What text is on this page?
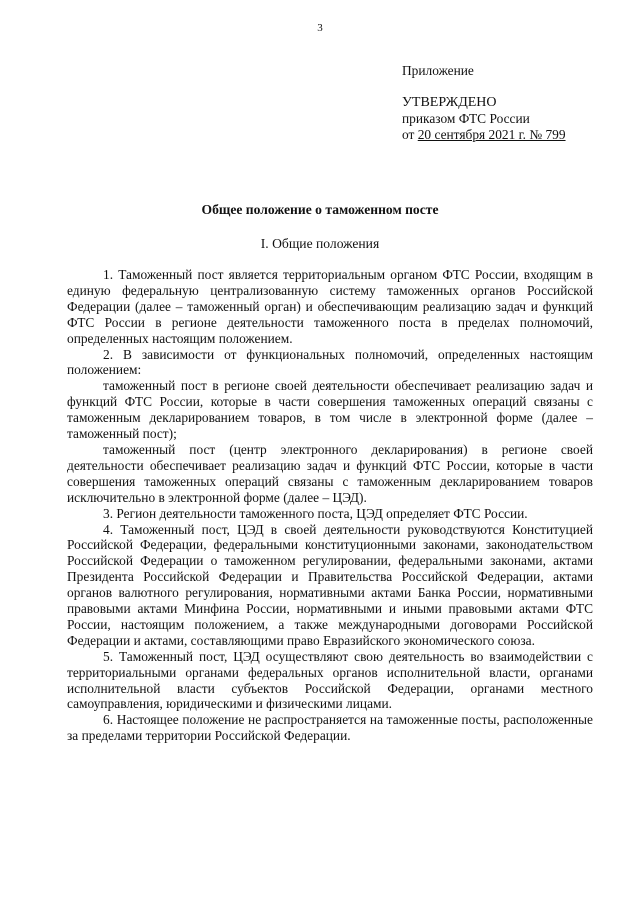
3
Приложение
УТВЕРЖДЕНО
приказом ФТС России
от 20 сентября 2021 г. № 799
Общее положение о таможенном посте
I. Общие положения

1. Таможенный пост является территориальным органом ФТС России, входящим в единую федеральную централизованную систему таможенных органов Российской Федерации (далее – таможенный орган) и обеспечивающим реализацию задач и функций ФТС России в регионе деятельности таможенного поста в пределах полномочий, определенных настоящим положением.

2. В зависимости от функциональных полномочий, определенных настоящим положением:

таможенный пост в регионе своей деятельности обеспечивает реализацию задач и функций ФТС России, которые в части совершения таможенных операций связаны с таможенным декларированием товаров, в том числе в электронной форме (далее – таможенный пост);

таможенный пост (центр электронного декларирования) в регионе своей деятельности обеспечивает реализацию задач и функций ФТС России, которые в части совершения таможенных операций связаны с таможенным декларированием товаров исключительно в электронной форме (далее – ЦЭД).

3. Регион деятельности таможенного поста, ЦЭД определяет ФТС России.

4. Таможенный пост, ЦЭД в своей деятельности руководствуются Конституцией Российской Федерации, федеральными конституционными законами, законодательством Российской Федерации о таможенном регулировании, федеральными законами, актами Президента Российской Федерации и Правительства Российской Федерации, актами органов валютного регулирования, нормативными актами Банка России, нормативными правовыми актами Минфина России, нормативными и иными правовыми актами ФТС России, настоящим положением, а также международными договорами Российской Федерации и актами, составляющими право Евразийского экономического союза.

5. Таможенный пост, ЦЭД осуществляют свою деятельность во взаимодействии с территориальными органами федеральных органов исполнительной власти, органами исполнительной власти субъектов Российской Федерации, органами местного самоуправления, юридическими и физическими лицами.

6. Настоящее положение не распространяется на таможенные посты, расположенные за пределами территории Российской Федерации.
